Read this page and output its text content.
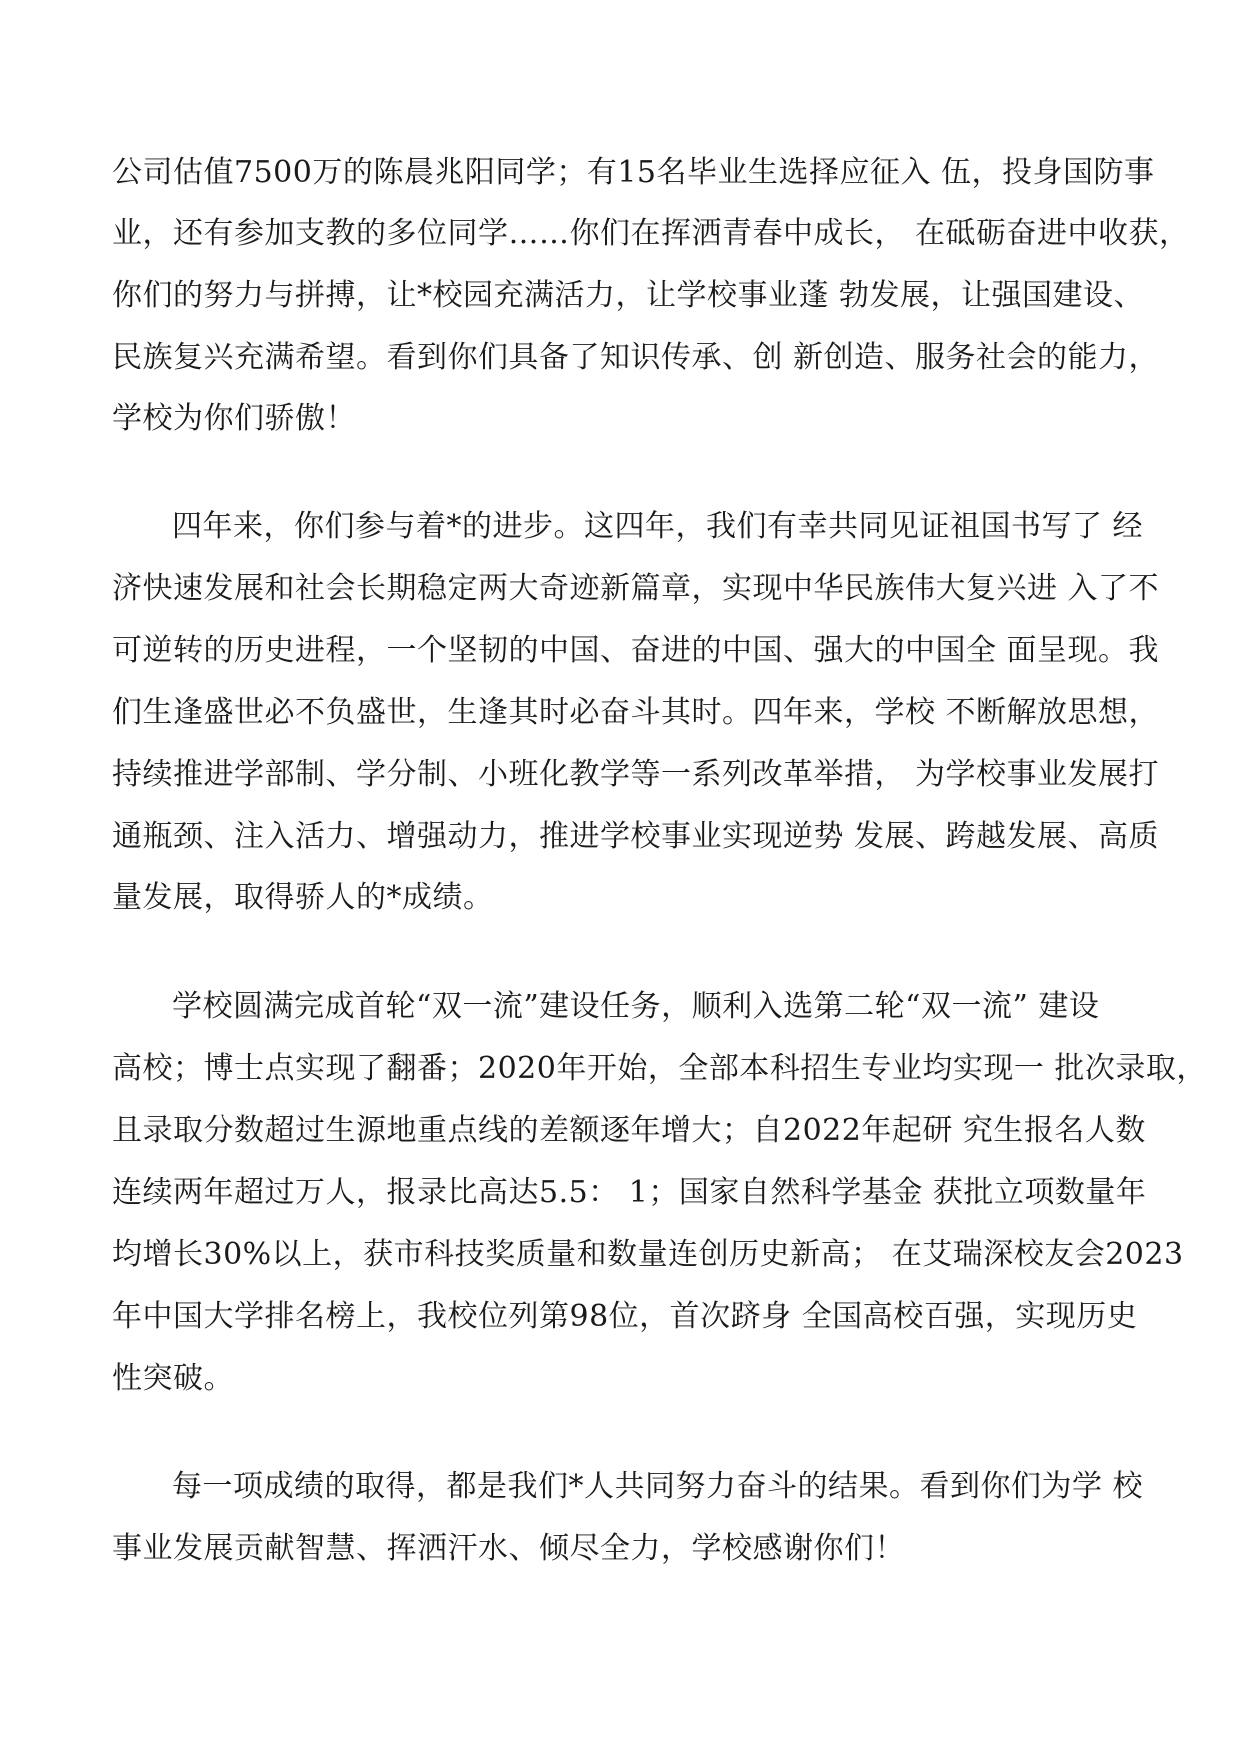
公司估值7500万的陈晨兆阳同学；有15名毕业生选择应征入 伍，投身国防事
业，还有参加支教的多位同学……你们在挥洒青春中成长， 在砥砺奋进中收获，
你们的努力与拼搏，让*校园充满活力，让学校事业蓬 勃发展，让强国建设、
民族复兴充满希望。看到你们具备了知识传承、创 新创造、服务社会的能力，
学校为你们骄傲！
四年来，你们参与着*的进步。这四年，我们有幸共同见证祖国书写了 经
济快速发展和社会长期稳定两大奇迹新篇章，实现中华民族伟大复兴进 入了不
可逆转的历史进程，一个坚韧的中国、奋进的中国、强大的中国全 面呈现。我
们生逢盛世必不负盛世，生逢其时必奋斗其时。四年来，学校 不断解放思想，
持续推进学部制、学分制、小班化教学等一系列改革举措， 为学校事业发展打
通瓶颈、注入活力、增强动力，推进学校事业实现逆势 发展、跨越发展、高质
量发展，取得骄人的*成绩。
学校圆满完成首轮“双一流”建设任务，顺利入选第二轮“双一流” 建设
高校；博士点实现了翻番；2020年开始，全部本科招生专业均实现一 批次录取，
且录取分数超过生源地重点线的差额逐年增大；自2022年起研 究生报名人数
连续两年超过万人，报录比高达5.5： 1；国家自然科学基金 获批立项数量年
均增长30%以上，获市科技奖质量和数量连创历史新高； 在艾瑞深校友会2023
年中国大学排名榜上，我校位列第98位，首次跻身 全国高校百强，实现历史
性突破。
每一项成绩的取得，都是我们*人共同努力奋斗的结果。看到你们为学 校
事业发展贡献智慧、挥洒汗水、倾尽全力，学校感谢你们！
